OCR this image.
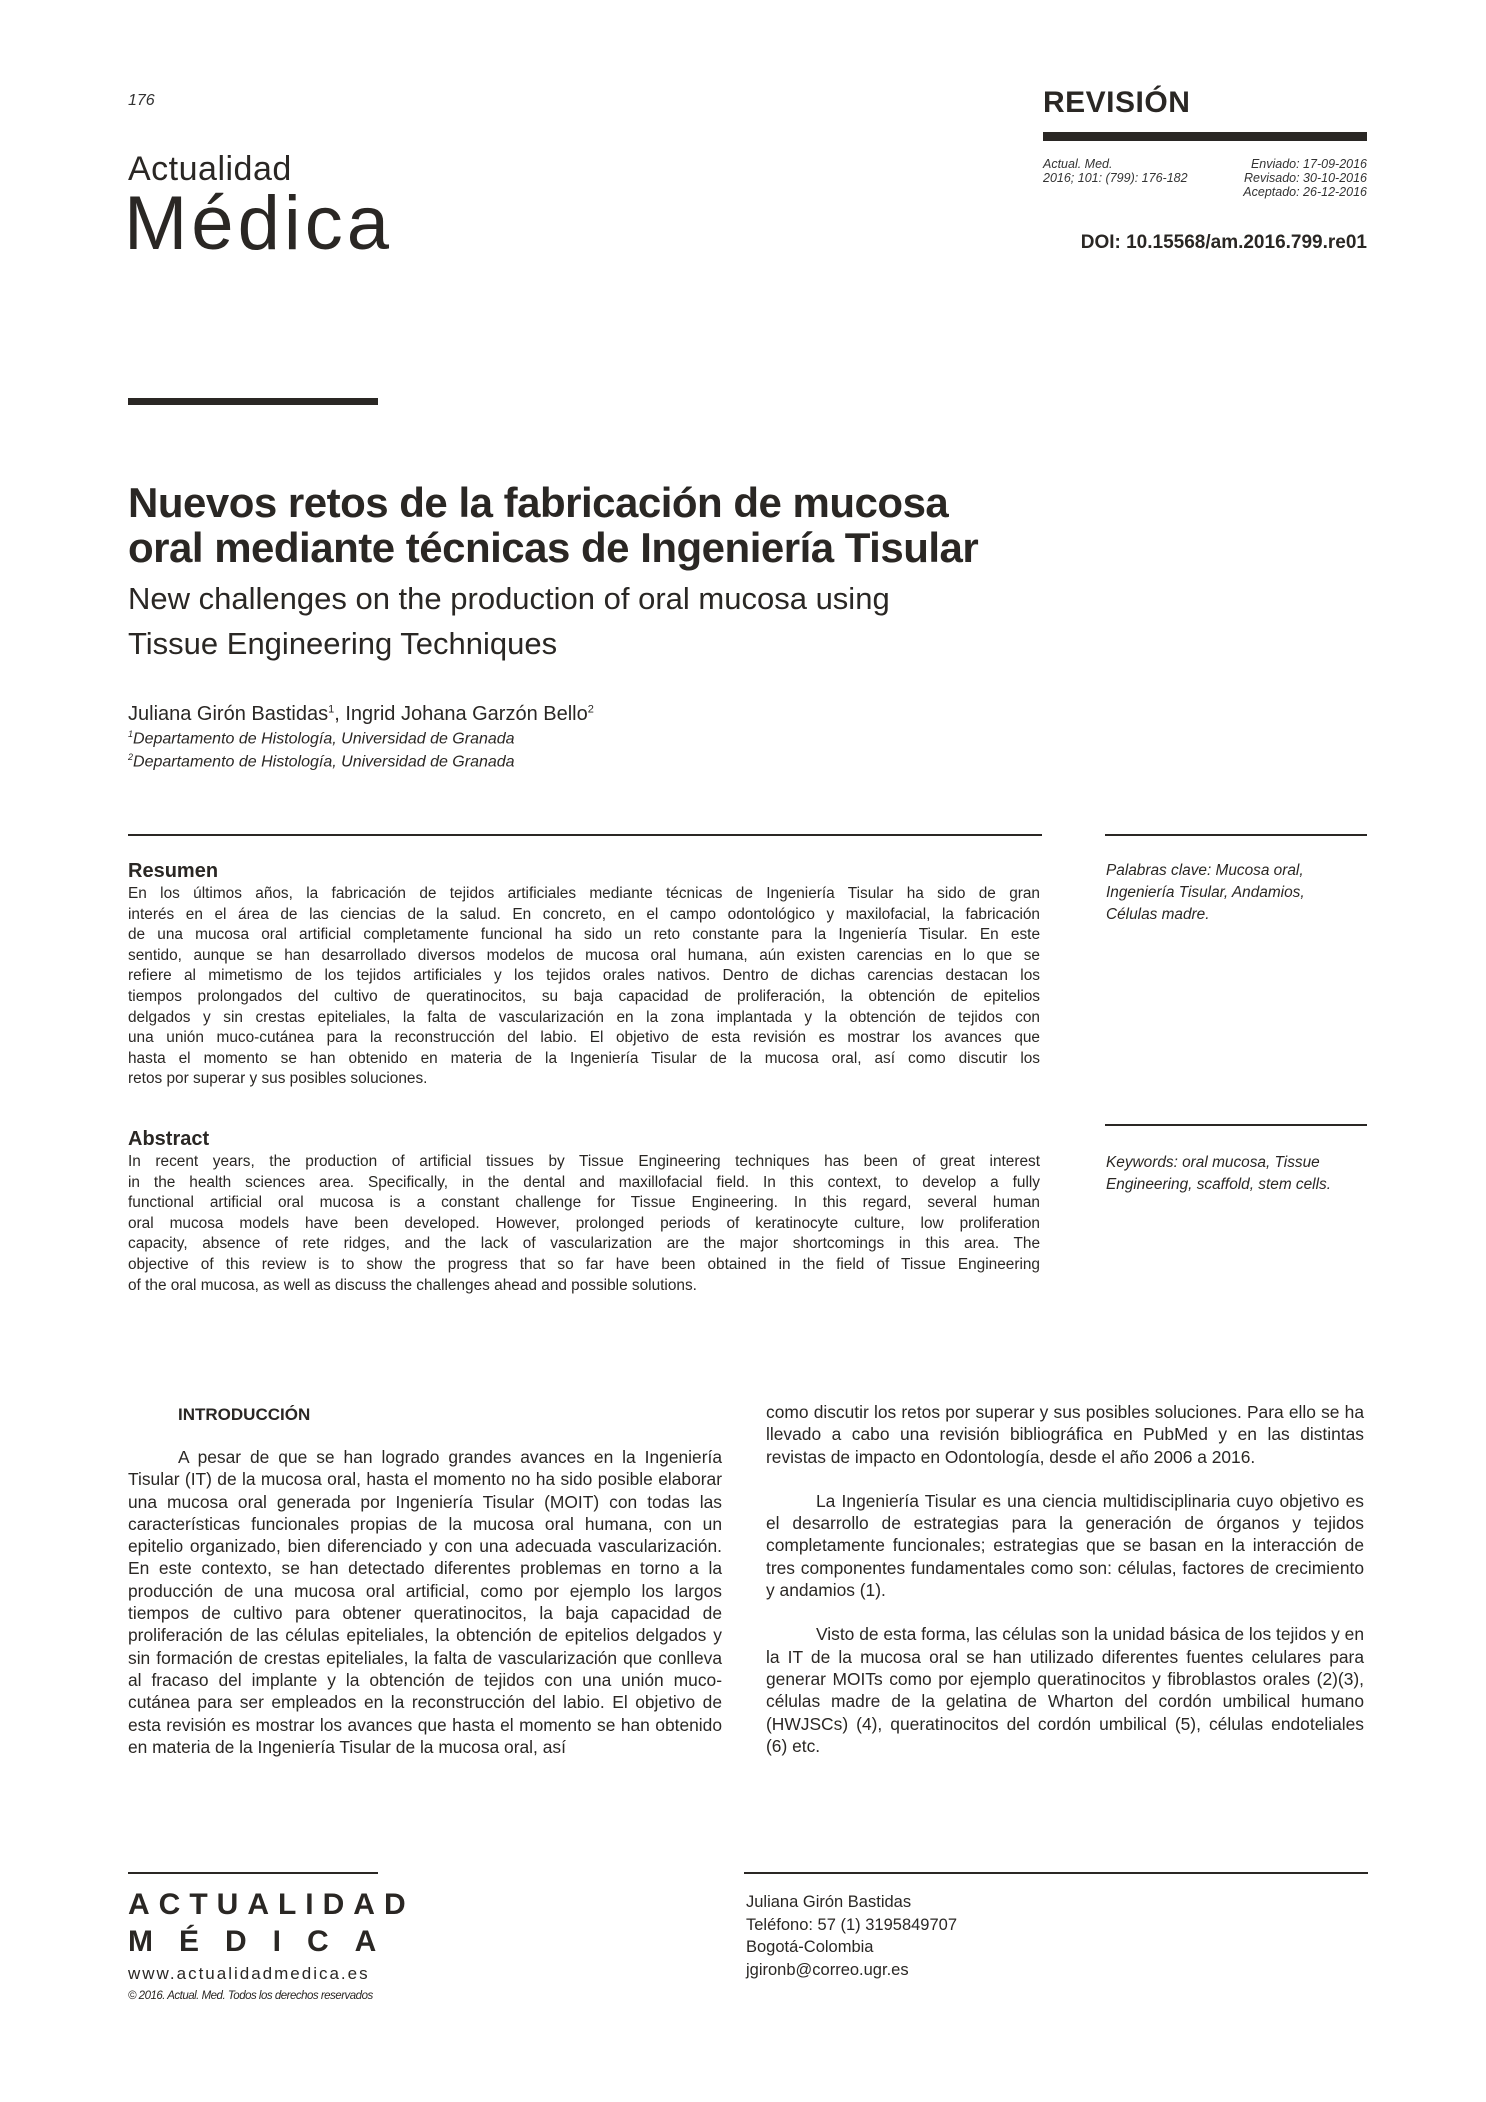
176
Actualidad
Médica
REVISIÓN
Actual. Med.
2016; 101: (799): 176-182
Enviado: 17-09-2016
Revisado: 30-10-2016
Aceptado: 26-12-2016
DOI: 10.15568/am.2016.799.re01
Nuevos retos de la fabricación de mucosa
oral mediante técnicas de Ingeniería Tisular
New challenges on the production of oral mucosa using
Tissue Engineering Techniques
Juliana Girón Bastidas$^1$, Ingrid Johana Garzón Bello$^2$
$^1$Departamento de Histología, Universidad de Granada
$^2$Departamento de Histología, Universidad de Granada
Resumen
En los últimos años, la fabricación de tejidos artificiales mediante técnicas de Ingeniería Tisular ha sido de gran
interés en el área de las ciencias de la salud. En concreto, en el campo odontológico y maxilofacial, la fabricación
de una mucosa oral artificial completamente funcional ha sido un reto constante para la Ingeniería Tisular. En este
sentido, aunque se han desarrollado diversos modelos de mucosa oral humana, aún existen carencias en lo que se
refiere al mimetismo de los tejidos artificiales y los tejidos orales nativos. Dentro de dichas carencias destacan los
tiempos prolongados del cultivo de queratinocitos, su baja capacidad de proliferación, la obtención de epitelios
delgados y sin crestas epiteliales, la falta de vascularización en la zona implantada y la obtención de tejidos con
una unión muco-cutánea para la reconstrucción del labio. El objetivo de esta revisión es mostrar los avances que
hasta el momento se han obtenido en materia de la Ingeniería Tisular de la mucosa oral, así como discutir los
retos por superar y sus posibles soluciones.
Palabras clave: Mucosa oral,
Ingeniería Tisular, Andamios,
Células madre.
Abstract
In recent years, the production of artificial tissues by Tissue Engineering techniques has been of great interest
in the health sciences area. Specifically, in the dental and maxillofacial field. In this context, to develop a fully
functional artificial oral mucosa is a constant challenge for Tissue Engineering. In this regard, several human
oral mucosa models have been developed. However, prolonged periods of keratinocyte culture, low proliferation
capacity, absence of rete ridges, and the lack of vascularization are the major shortcomings in this area. The
objective of this review is to show the progress that so far have been obtained in the field of Tissue Engineering
of the oral mucosa, as well as discuss the challenges ahead and possible solutions.
Keywords: oral mucosa, Tissue
Engineering, scaffold, stem cells.
INTRODUCCIÓN

A pesar de que se han logrado grandes avances en la Ingeniería Tisular (IT) de la mucosa oral, hasta el momento no ha sido posible elaborar una mucosa oral generada por Ingeniería Tisular (MOIT) con todas las características funcionales propias de la mucosa oral humana, con un epitelio organizado, bien diferenciado y con una adecuada vascularización. En este contexto, se han detectado diferentes problemas en torno a la producción de una mucosa oral artificial, como por ejemplo los largos tiempos de cultivo para obtener queratinocitos, la baja capacidad de proliferación de las células epiteliales, la obtención de epitelios delgados y sin formación de crestas epiteliales, la falta de vascularización que conlleva al fracaso del implante y la obtención de tejidos con una unión muco-cutánea para ser empleados en la reconstrucción del labio. El objetivo de esta revisión es mostrar los avances que hasta el momento se han obtenido en materia de la Ingeniería Tisular de la mucosa oral, así

como discutir los retos por superar y sus posibles soluciones. Para ello se ha llevado a cabo una revisión bibliográfica en PubMed y en las distintas revistas de impacto en Odontología, desde el año 2006 a 2016.

La Ingeniería Tisular es una ciencia multidisciplinaria cuyo objetivo es el desarrollo de estrategias para la generación de órganos y tejidos completamente funcionales; estrategias que se basan en la interacción de tres componentes fundamentales como son: células, factores de crecimiento y andamios (1).

Visto de esta forma, las células son la unidad básica de los tejidos y en la IT de la mucosa oral se han utilizado diferentes fuentes celulares para generar MOITs como por ejemplo queratinocitos y fibroblastos orales (2)(3), células madre de la gelatina de Wharton del cordón umbilical humano (HWJSCs) (4), queratinocitos del cordón umbilical (5), células endoteliales (6) etc.

ACTUALIDAD
MÉDICA
www.actualidadmedica.es
© 2016. Actual. Med. Todos los derechos reservados
Juliana Girón Bastidas
Teléfono: 57 (1) 3195849707
Bogotá-Colombia
jgironb@correo.ugr.es
